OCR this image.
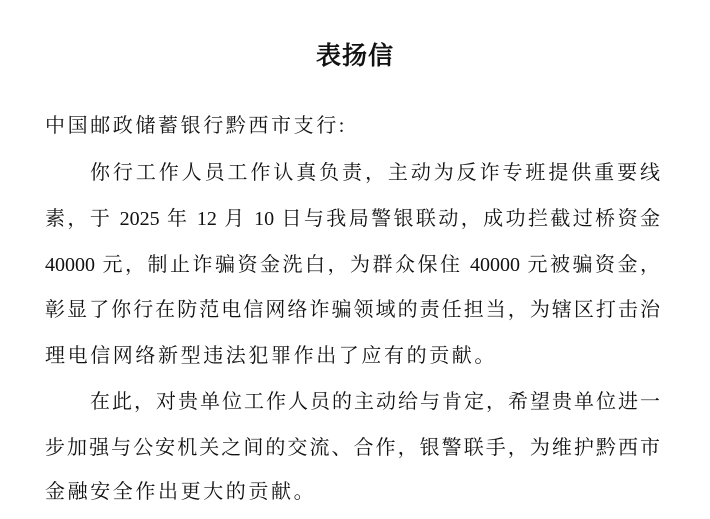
表扬信
中国邮政储蓄银行黔西市支行:
你行工作人员工作认真负责，主动为反诈专班提供重要线
素，于 2025 年 12 月 10 日与我局警银联动，成功拦截过桥资金
40000 元，制止诈骗资金洗白，为群众保住 40000 元被骗资金，
彰显了你行在防范电信网络诈骗领域的责任担当，为辖区打击治
理电信网络新型违法犯罪作出了应有的贡献。
在此，对贵单位工作人员的主动给与肯定，希望贵单位进一
步加强与公安机关之间的交流、合作，银警联手，为维护黔西市
金融安全作出更大的贡献。
